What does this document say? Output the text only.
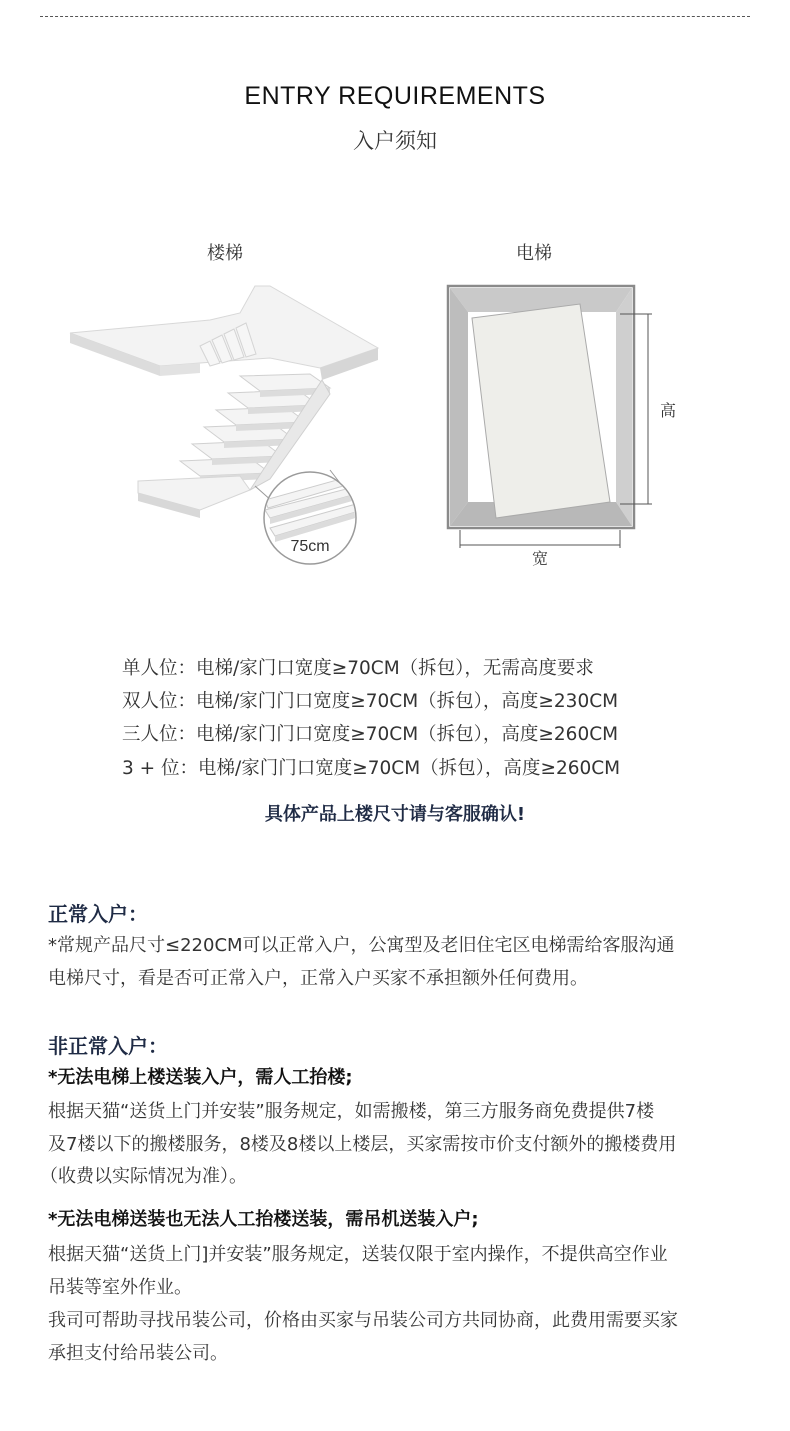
ENTRY REQUIREMENTS
入户须知
楼梯	电梯
75cm
高
宽
单人位：电梯/家门口宽度≥70CM（拆包），无需高度要求
双人位：电梯/家门门口宽度≥70CM（拆包），高度≥230CM
三人位：电梯/家门门口宽度≥70CM（拆包），高度≥260CM
3 + 位：电梯/家门门口宽度≥70CM（拆包），高度≥260CM
具体产品上楼尺寸请与客服确认!
正常入户：
*常规产品尺寸≤220CM可以正常入户，公寓型及老旧住宅区电梯需给客服沟通
电梯尺寸，看是否可正常入户，正常入户买家不承担额外任何费用。
非正常入户：
*无法电梯上楼送装入户，需人工抬楼;
根据天猫“送货上门并安装”服务规定，如需搬楼，第三方服务商免费提供7楼
及7楼以下的搬楼服务，8楼及8楼以上楼层，买家需按市价支付额外的搬楼费用
（收费以实际情况为准）。
*无法电梯送装也无法人工抬楼送装，需吊机送装入户;
根据天猫“送货上门]并安装”服务规定，送装仅限于室内操作，不提供高空作业
吊装等室外作业。
我司可帮助寻找吊装公司，价格由买家与吊装公司方共同协商，此费用需要买家
承担支付给吊装公司。
